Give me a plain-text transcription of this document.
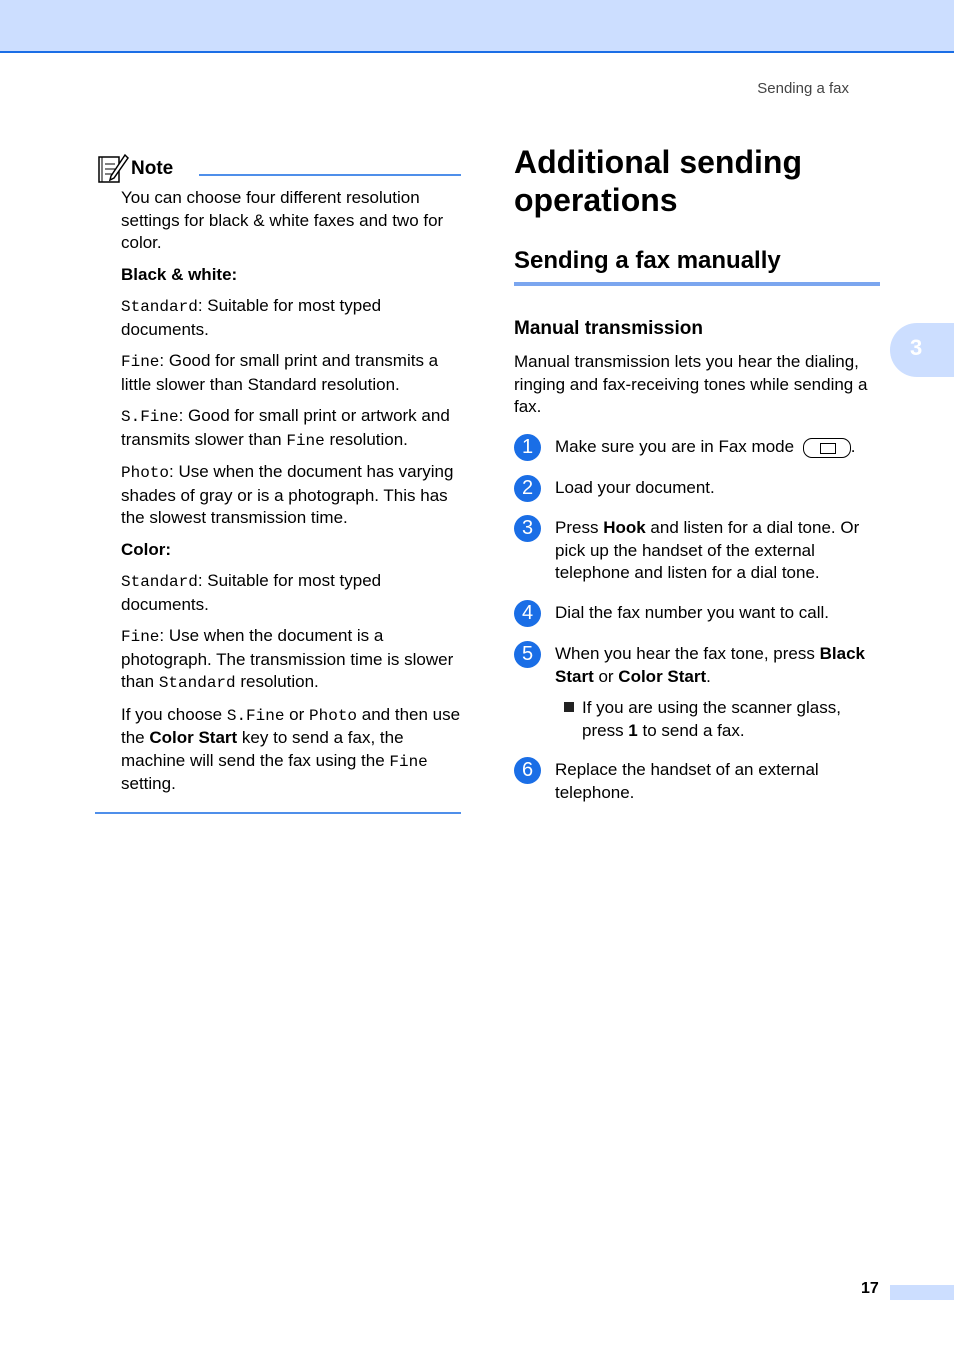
Sending a fax
3
Note

You can choose four different resolution settings for black & white faxes and two for color.

Black & white:

Standard: Suitable for most typed documents.

Fine: Good for small print and transmits a little slower than Standard resolution.

S.Fine: Good for small print or artwork and transmits slower than Fine resolution.

Photo: Use when the document has varying shades of gray or is a photograph. This has the slowest transmission time.

Color:

Standard: Suitable for most typed documents.

Fine: Use when the document is a photograph. The transmission time is slower than Standard resolution.

If you choose S.Fine or Photo and then use the Color Start key to send a fax, the machine will send the fax using the Fine setting.

Additional sending operations
Sending a fax manually
Manual transmission
Manual transmission lets you hear the dialing, ringing and fax-receiving tones while sending a fax.
1	Make sure you are in Fax mode	.
2	Load your document.
3	Press Hook and listen for a dial tone. Or pick up the handset of the external telephone and listen for a dial tone.
4	Dial the fax number you want to call.
5	When you hear the fax tone, press Black Start or Color Start.
If you are using the scanner glass, press 1 to send a fax.
6	Replace the handset of an external telephone.
17
